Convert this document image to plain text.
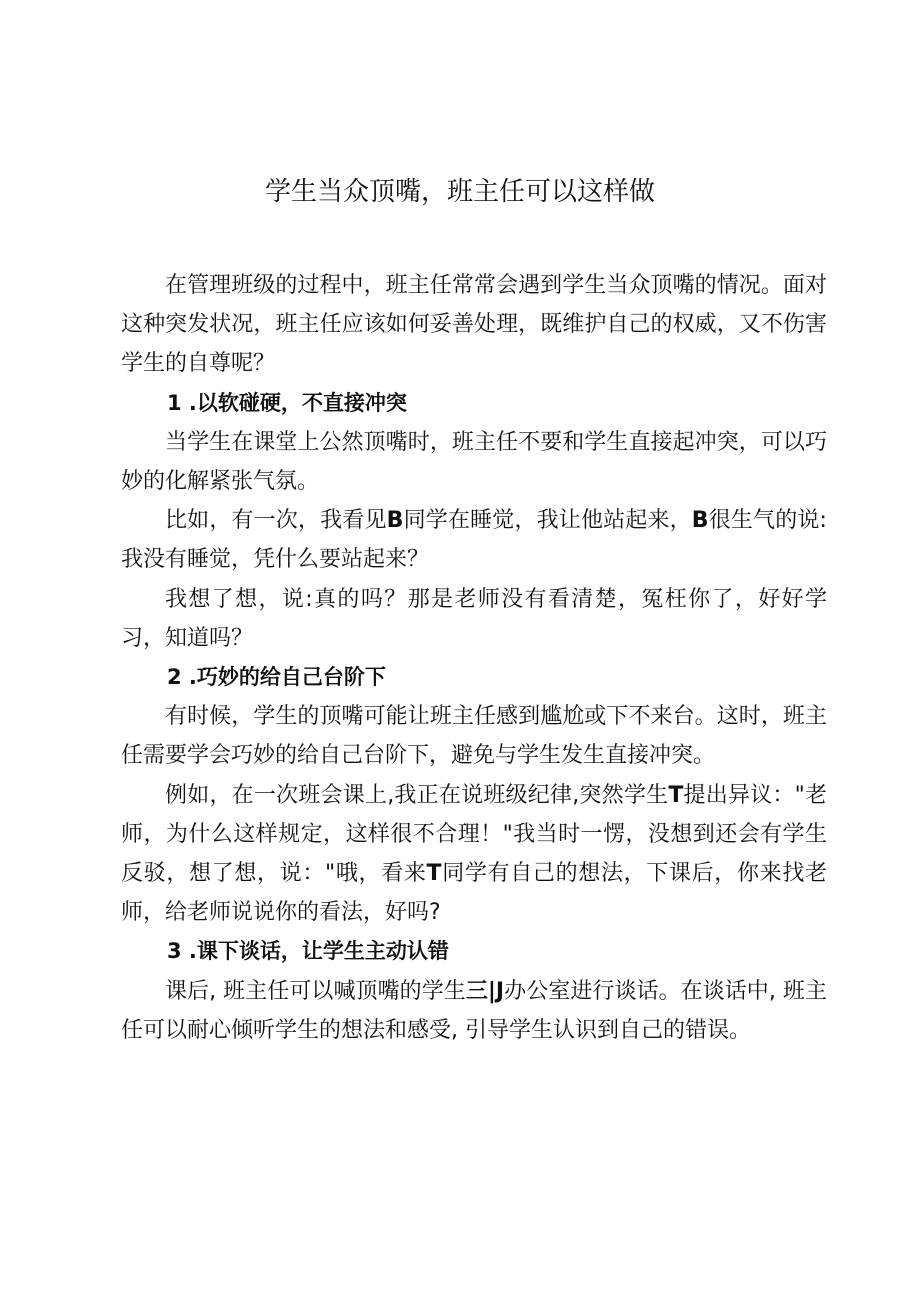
学生当众顶嘴，班主任可以这样做

在管理班级的过程中，班主任常常会遇到学生当众顶嘴的情况。面对这种突发状况，班主任应该如何妥善处理，既维护自己的权威，又不伤害学生的自尊呢？

1 .以软碰硬，不直接冲突

当学生在课堂上公然顶嘴时，班主任不要和学生直接起冲突，可以巧妙的化解紧张气氛。

比如，有一次，我看见B同学在睡觉，我让他站起来，B很生气的说:我没有睡觉，凭什么要站起来？

我想了想，说:真的吗？那是老师没有看清楚，冤枉你了，好好学习，知道吗？

2 .巧妙的给自己台阶下

有时候，学生的顶嘴可能让班主任感到尴尬或下不来台。这时，班主任需要学会巧妙的给自己台阶下，避免与学生发生直接冲突。

例如，在一次班会课上,我正在说班级纪律,突然学生T提出异议："老师，为什么这样规定，这样很不合理！"我当时一愣，没想到还会有学生反驳，想了想，说："哦，看来T同学有自己的想法，下课后，你来找老师，给老师说说你的看法，好吗?

3 .课下谈话，让学生主动认错

课后, 班主任可以喊顶嘴的学生三|J办公室进行谈话。在谈话中, 班主任可以耐心倾听学生的想法和感受, 引导学生认识到自己的错误。
